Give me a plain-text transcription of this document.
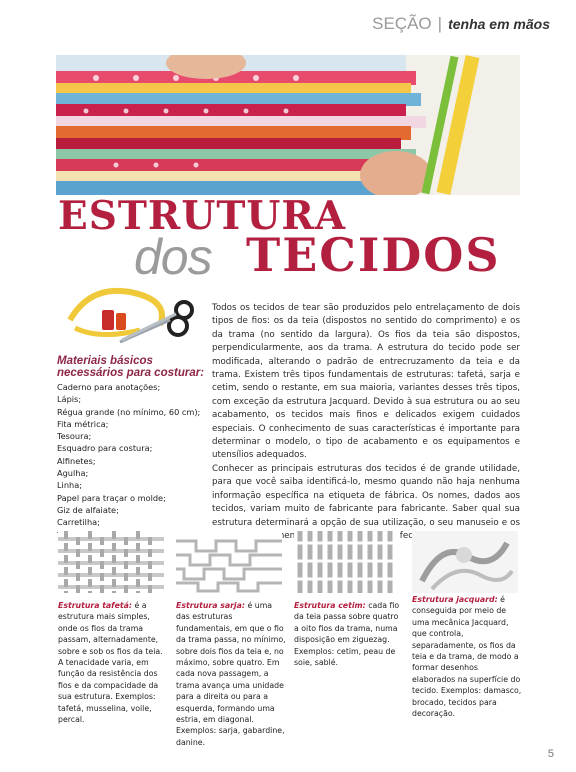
SEÇÃO | tenha em mãos
ESTRUTURA
dos TECIDOS
Materiais básicos necessários para costurar:
Caderno para anotações;
Lápis;
Régua grande (no mínimo, 60 cm);
Fita métrica;
Tesoura;
Esquadro para costura;
Alfinetes;
Agulha;
Linha;
Papel para traçar o molde;
Giz de alfaiate;
Carretilha;

Todos os tecidos de tear são produzidos pelo entrelaçamento de dois tipos de fios: os da teia (dispostos no sentido do comprimento) e os da trama (no sentido da largura). Os fios da teia são dispostos, perpendicularmente, aos da trama. A estrutura do tecido pode ser modificada, alterando o padrão de entrecruzamento da teia e da trama. Existem três tipos fundamentais de estruturas: tafetá, sarja e cetim, sendo o restante, em sua maioria, variantes desses três tipos, com exceção da estrutura Jacquard. Devido à sua estrutura ou ao seu acabamento, os tecidos mais finos e delicados exigem cuidados especiais. O conhecimento de suas características é importante para determinar o modelo, o tipo de acabamento e os equipamentos e utensílios adequados.
Conhecer as principais estruturas dos tecidos é de grande utilidade, para que você saiba identificá-lo, mesmo quando não haja nenhuma informação específica na etiqueta de fábrica. Os nomes, dados aos tecidos, variam muito de fabricante para fabricante. Saber qual sua estrutura determinará a opção de sua utilização, o seu manuseio e os confecção.

Estrutura tafetá: é a estrutura mais simples, onde os fios da trama passam, alternadamente, sobre e sob os fios da teia. A tenacidade varia, em função da resistência dos fios e da compacidade da sua estrutura. Exemplos: tafetá, musselina, voile, percal.
Estrutura sarja: é uma das estruturas fundamentais, em que o fio da trama passa, no mínimo, sobre dois fios da teia e, no máximo, sobre quatro. Em cada nova passagem, a trama avança uma unidade para a direita ou para a esquerda, formando uma estria, em diagonal. Exemplos: sarja, gabardine, danine.
Estrutura cetim: cada fio da teia passa sobre quatro a oito fios da trama, numa disposição em ziguezag. Exemplos: cetim, peau de soie, sablé.
Estrutura jacquard: é conseguida por meio de uma mecânica Jacquard, que controla, separadamente, os fios da teia e da trama, de modo a formar desenhos elaborados na superfície do tecido. Exemplos: damasco, brocado, tecidos para decoração.
5
